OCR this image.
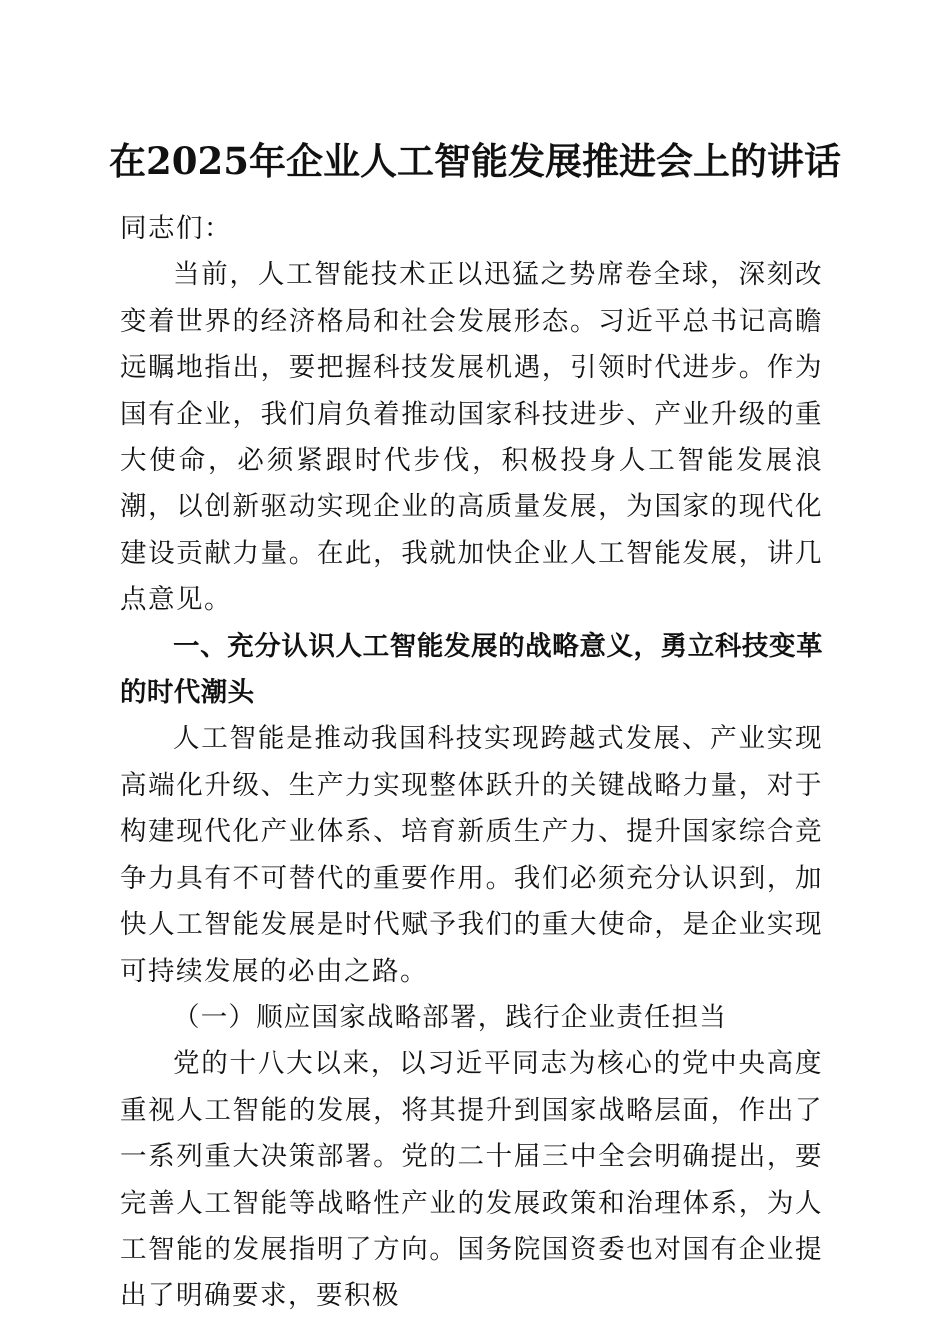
在2025年企业人工智能发展推进会上的讲话

同志们：

当前，人工智能技术正以迅猛之势席卷全球，深刻改变着世界的经济格局和社会发展形态。习近平总书记高瞻远瞩地指出，要把握科技发展机遇，引领时代进步。作为国有企业，我们肩负着推动国家科技进步、产业升级的重大使命，必须紧跟时代步伐，积极投身人工智能发展浪潮，以创新驱动实现企业的高质量发展，为国家的现代化建设贡献力量。在此，我就加快企业人工智能发展，讲几点意见。

一、充分认识人工智能发展的战略意义，勇立科技变革的时代潮头

人工智能是推动我国科技实现跨越式发展、产业实现高端化升级、生产力实现整体跃升的关键战略力量，对于构建现代化产业体系、培育新质生产力、提升国家综合竞争力具有不可替代的重要作用。我们必须充分认识到，加快人工智能发展是时代赋予我们的重大使命，是企业实现可持续发展的必由之路。

（一）顺应国家战略部署，践行企业责任担当

党的十八大以来，以习近平同志为核心的党中央高度重视人工智能的发展，将其提升到国家战略层面，作出了一系列重大决策部署。党的二十届三中全会明确提出，要完善人工智能等战略性产业的发展政策和治理体系，为人工智能的发展指明了方向。国务院国资委也对国有企业提出了明确要求，要积极
